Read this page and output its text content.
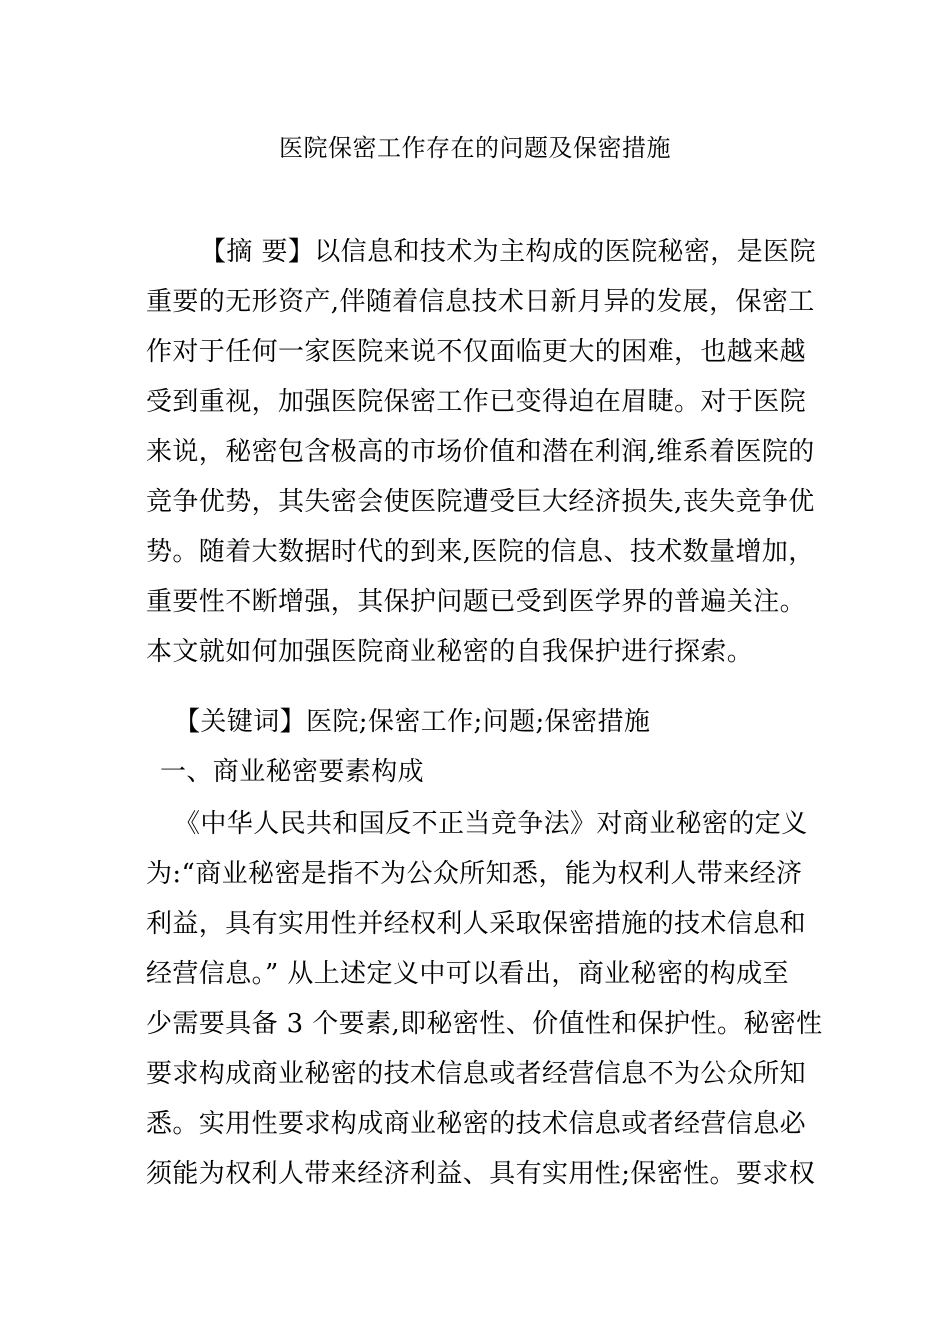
医院保密工作存在的问题及保密措施
【摘 要】以信息和技术为主构成的医院秘密，是医院
重要的无形资产,伴随着信息技术日新月异的发展，保密工
作对于任何一家医院来说不仅面临更大的困难，也越来越
受到重视，加强医院保密工作已变得迫在眉睫。对于医院
来说，秘密包含极高的市场价值和潜在利润,维系着医院的
竞争优势，其失密会使医院遭受巨大经济损失,丧失竞争优
势。随着大数据时代的到来,医院的信息、技术数量增加，
重要性不断增强，其保护问题已受到医学界的普遍关注。
本文就如何加强医院商业秘密的自我保护进行探索。
【关键词】医院;保密工作;问题;保密措施
一、商业秘密要素构成
《中华人民共和国反不正当竞争法》对商业秘密的定义
为:“商业秘密是指不为公众所知悉，能为权利人带来经济
利益，具有实用性并经权利人采取保密措施的技术信息和
经营信息。” 从上述定义中可以看出，商业秘密的构成至
少需要具备 3 个要素,即秘密性、价值性和保护性。秘密性
要求构成商业秘密的技术信息或者经营信息不为公众所知
悉。实用性要求构成商业秘密的技术信息或者经营信息必
须能为权利人带来经济利益、具有实用性;保密性。要求权
